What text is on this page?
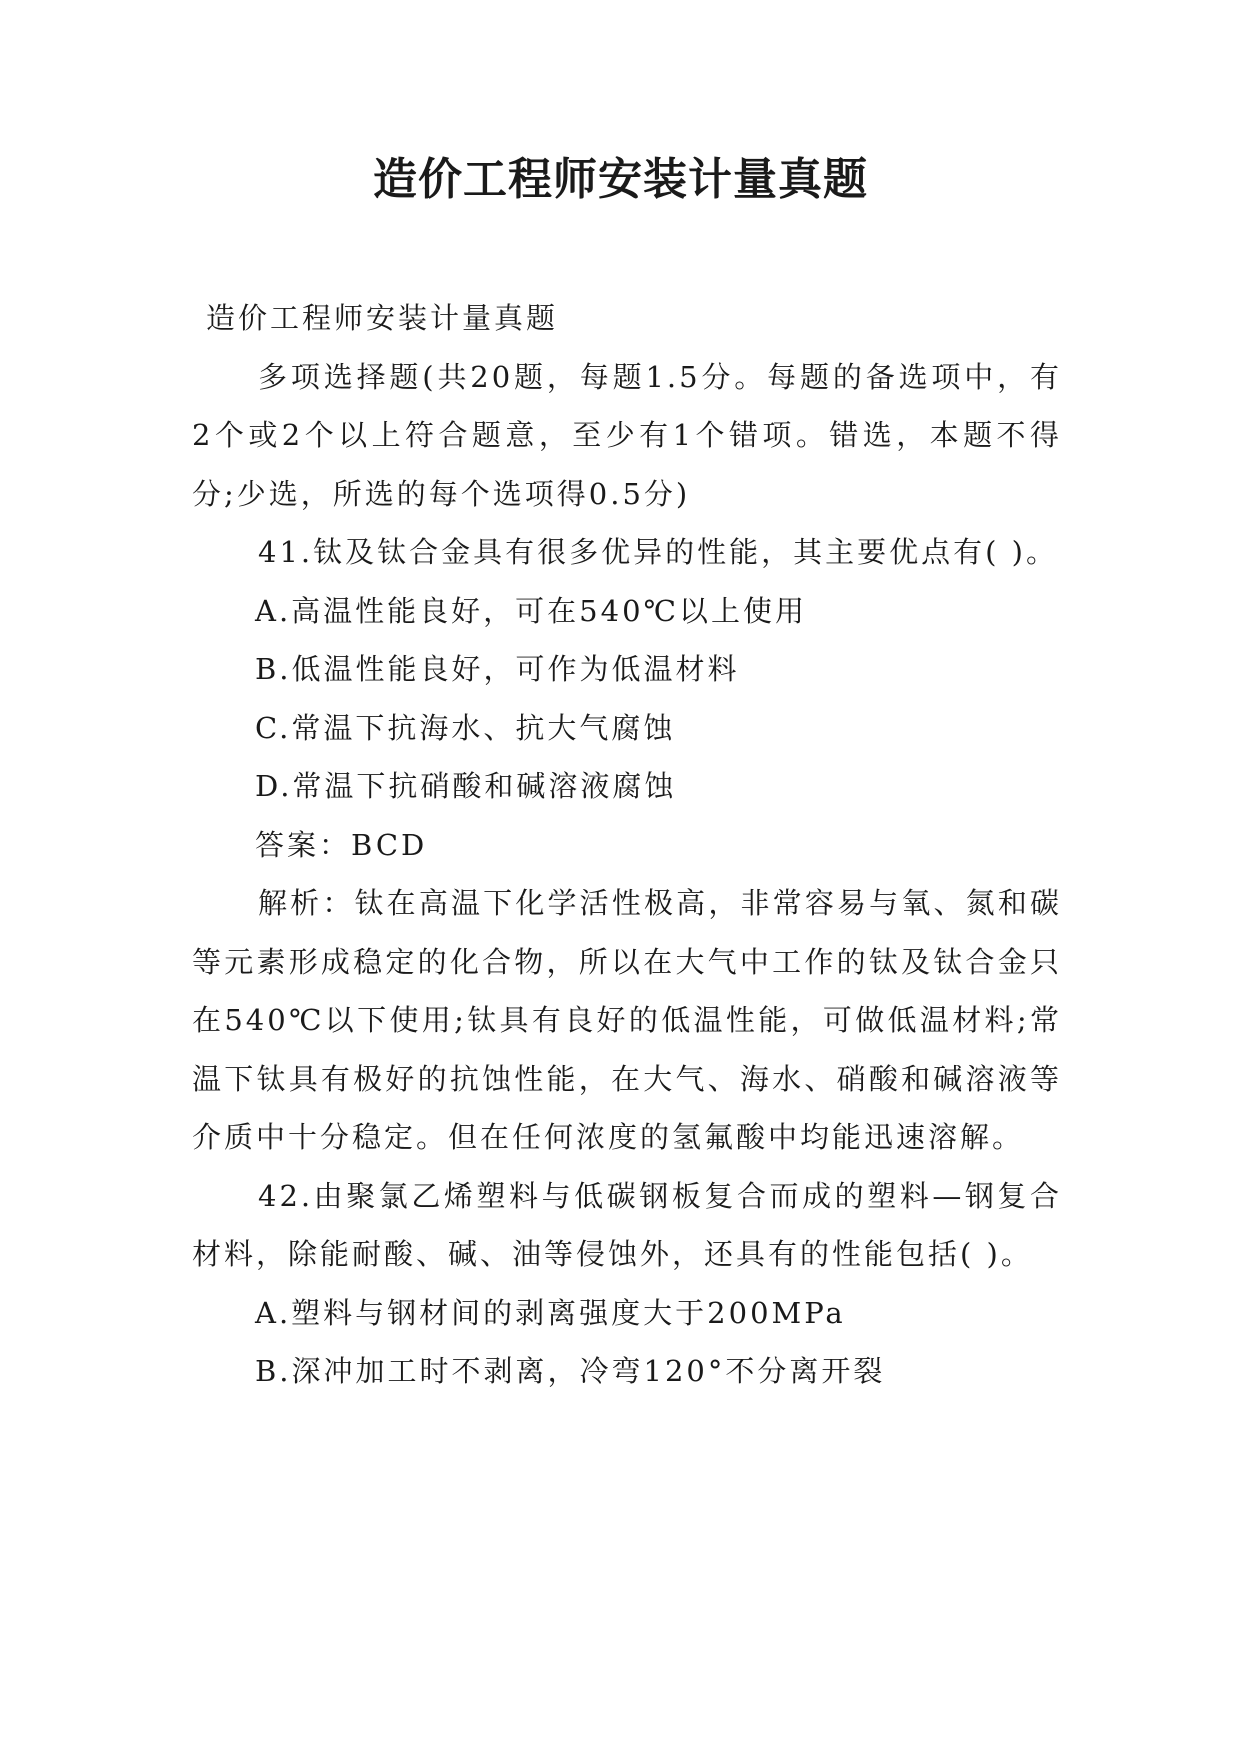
造价工程师安装计量真题

造价工程师安装计量真题

多项选择题(共20题，每题1.5分。每题的备选项中，有2个或2个以上符合题意，至少有1个错项。错选，本题不得分;少选，所选的每个选项得0.5分)

41.钛及钛合金具有很多优异的性能，其主要优点有( )。

A.高温性能良好，可在540℃以上使用

B.低温性能良好，可作为低温材料

C.常温下抗海水、抗大气腐蚀

D.常温下抗硝酸和碱溶液腐蚀

答案：BCD

解析：钛在高温下化学活性极高，非常容易与氧、氮和碳等元素形成稳定的化合物，所以在大气中工作的钛及钛合金只在540℃以下使用;钛具有良好的低温性能，可做低温材料;常温下钛具有极好的抗蚀性能，在大气、海水、硝酸和碱溶液等介质中十分稳定。但在任何浓度的氢氟酸中均能迅速溶解。

42.由聚氯乙烯塑料与低碳钢板复合而成的塑料—钢复合材料，除能耐酸、碱、油等侵蚀外，还具有的性能包括( )。

A.塑料与钢材间的剥离强度大于200MPa

B.深冲加工时不剥离，冷弯120°不分离开裂
